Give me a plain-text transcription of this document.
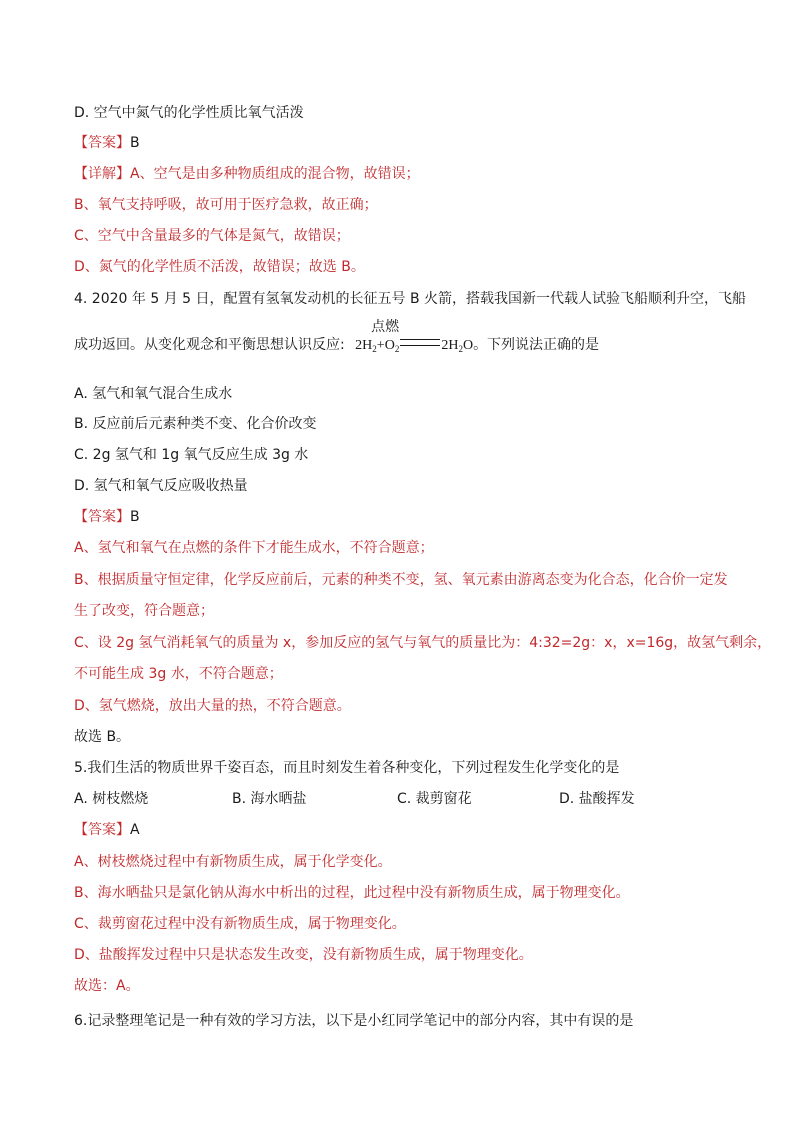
D. 空气中氮气的化学性质比氧气活泼
【答案】B
【详解】A、空气是由多种物质组成的混合物，故错误；
B、氧气支持呼吸，故可用于医疗急救，故正确；
C、空气中含量最多的气体是氮气，故错误；
D、氮气的化学性质不活泼，故错误；故选 B。
4. 2020 年 5 月 5 日，配置有氢氧发动机的长征五号 B 火箭，搭载我国新一代载人试验飞船顺利升空，飞船
成功返回。从变化观念和平衡思想认识反应: $2H_2+O_2$
点燃
$2H_2O$。下列说法正确的是
A. 氢气和氧气混合生成水
B. 反应前后元素种类不变、化合价改变
C. 2g 氢气和 1g 氧气反应生成 3g 水
D. 氢气和氧气反应吸收热量
【答案】B
A、氢气和氧气在点燃的条件下才能生成水，不符合题意；
B、根据质量守恒定律，化学反应前后，元素的种类不变，氢、氧元素由游离态变为化合态，化合价一定发
生了改变，符合题意；
C、设 2g 氢气消耗氧气的质量为 x，参加反应的氢气与氧气的质量比为：4:32=2g：x，x=16g，故氢气剩余，
不可能生成 3g 水，不符合题意；
D、氢气燃烧，放出大量的热，不符合题意。
故选 B。
5.我们生活的物质世界千姿百态，而且时刻发生着各种变化，下列过程发生化学变化的是
A. 树枝燃烧	B. 海水晒盐	C. 裁剪窗花	D. 盐酸挥发
【答案】A
A、树枝燃烧过程中有新物质生成，属于化学变化。
B、海水晒盐只是氯化钠从海水中析出的过程，此过程中没有新物质生成，属于物理变化。
C、裁剪窗花过程中没有新物质生成，属于物理变化。
D、盐酸挥发过程中只是状态发生改变，没有新物质生成，属于物理变化。
故选：A。
6.记录整理笔记是一种有效的学习方法，以下是小红同学笔记中的部分内容，其中有误的是
